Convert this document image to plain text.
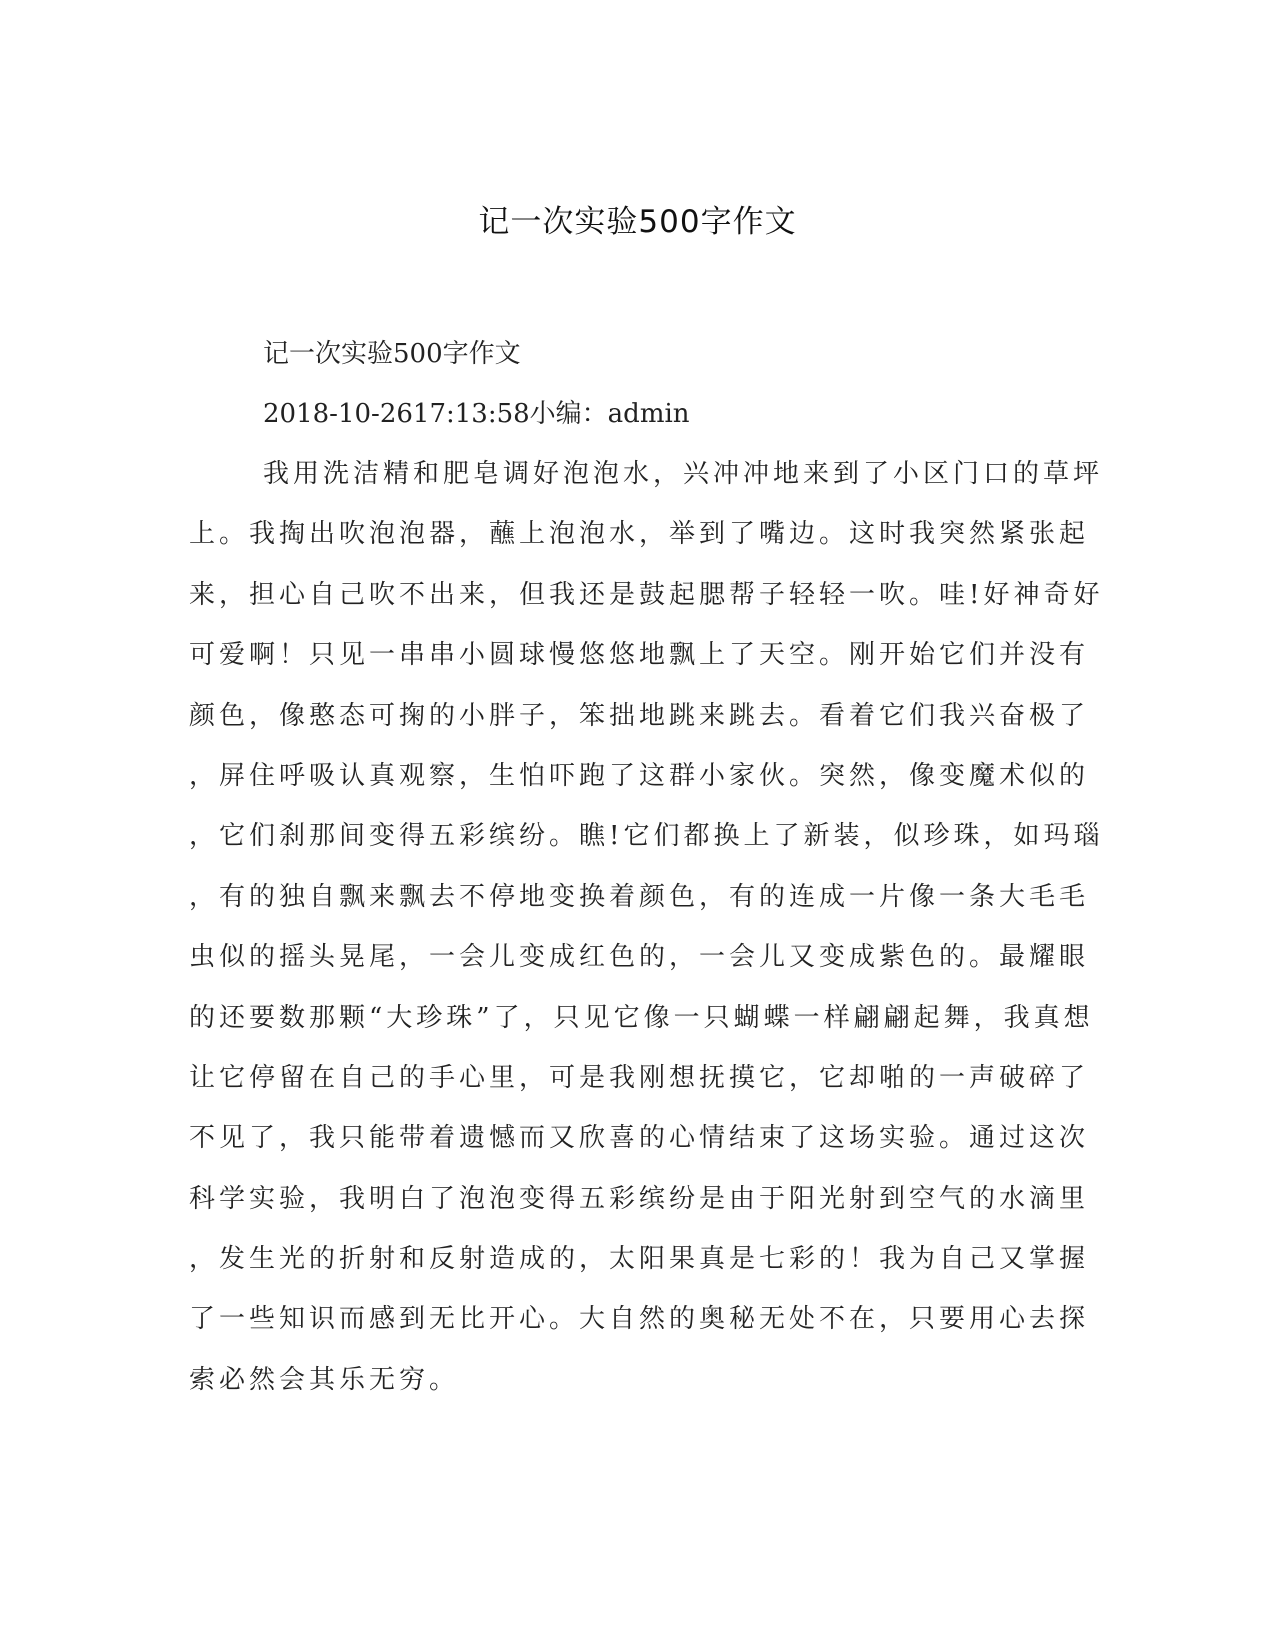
记一次实验500字作文
记一次实验500字作文
2018-10-2617:13:58小编：admin
我用洗洁精和肥皂调好泡泡水，兴冲冲地来到了小区门口的草坪
上。我掏出吹泡泡器，蘸上泡泡水，举到了嘴边。这时我突然紧张起
来，担心自己吹不出来，但我还是鼓起腮帮子轻轻一吹。哇!好神奇好
可爱啊！只见一串串小圆球慢悠悠地飘上了天空。刚开始它们并没有
颜色，像憨态可掬的小胖子，笨拙地跳来跳去。看着它们我兴奋极了
，屏住呼吸认真观察，生怕吓跑了这群小家伙。突然，像变魔术似的
，它们刹那间变得五彩缤纷。瞧!它们都换上了新装，似珍珠，如玛瑙
，有的独自飘来飘去不停地变换着颜色，有的连成一片像一条大毛毛
虫似的摇头晃尾，一会儿变成红色的，一会儿又变成紫色的。最耀眼
的还要数那颗“大珍珠”了，只见它像一只蝴蝶一样翩翩起舞，我真想
让它停留在自己的手心里，可是我刚想抚摸它，它却啪的一声破碎了
不见了，我只能带着遗憾而又欣喜的心情结束了这场实验。通过这次
科学实验，我明白了泡泡变得五彩缤纷是由于阳光射到空气的水滴里
，发生光的折射和反射造成的，太阳果真是七彩的！我为自己又掌握
了一些知识而感到无比开心。大自然的奥秘无处不在，只要用心去探
索必然会其乐无穷。
